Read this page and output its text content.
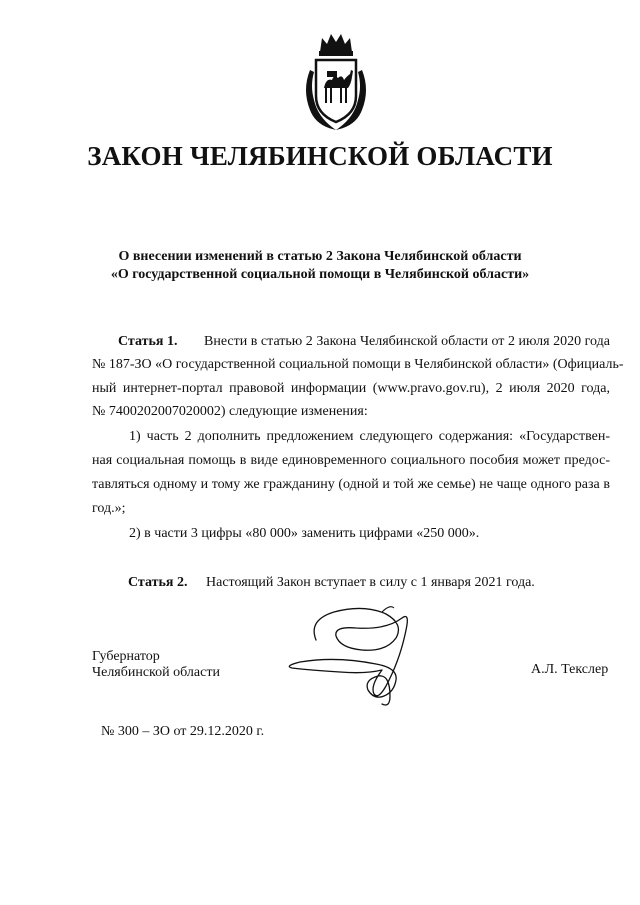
ЗАКОН ЧЕЛЯБИНСКОЙ ОБЛАСТИ
О внесении изменений в статью 2 Закона Челябинской области
«О государственной социальной помощи в Челябинской области»
Статья 1. Внести в статью 2 Закона Челябинской области от 2 июля 2020 года
№ 187-ЗО «О государственной социальной помощи в Челябинской области» (Официаль-
ный интернет-портал правовой информации (www.pravo.gov.ru), 2 июля 2020 года,
№ 7400202007020002) следующие изменения:
1) часть 2 дополнить предложением следующего содержания: «Государствен-
ная социальная помощь в виде единовременного социального пособия может предос-
тавляться одному и тому же гражданину (одной и той же семье) не чаще одного раза в
год.»;
2) в части 3 цифры «80 000» заменить цифрами «250 000».
Статья 2. Настоящий Закон вступает в силу с 1 января 2021 года.
Губернатор
Челябинской области	А.Л. Текслер
№ 300 – ЗО от 29.12.2020 г.
